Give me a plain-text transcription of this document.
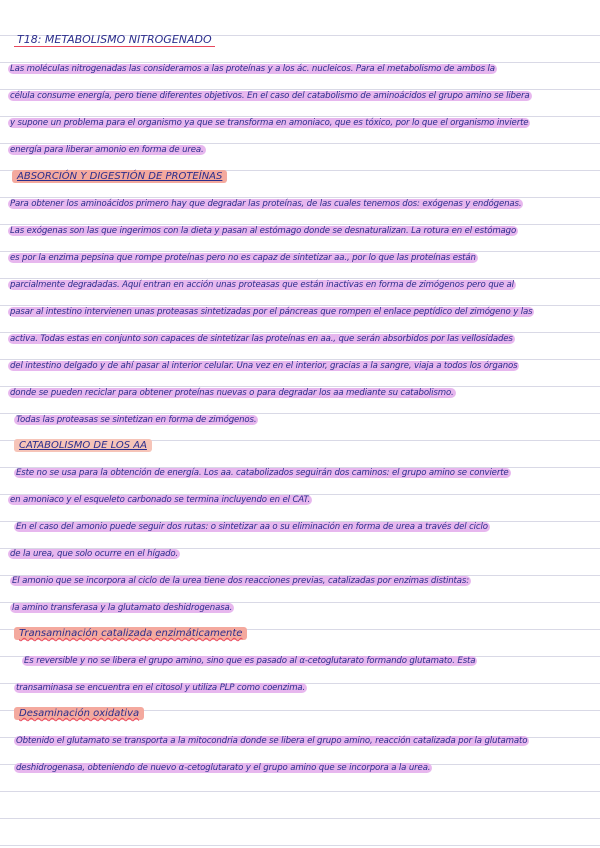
T18: METABOLISMO NITROGENADO
Las moléculas nitrogenadas las consideramos a las proteínas y a los ác. nucleicos. Para el metabolismo de ambos la
célula consume energía, pero tiene diferentes objetivos. En el caso del catabolismo de aminoácidos el grupo amino se libera
y supone un problema para el organismo ya que se transforma en amoniaco, que es tóxico, por lo que el organismo invierte
energía para liberar amonio en forma de urea.
ABSORCIÓN Y DIGESTIÓN DE PROTEÍNAS
Para obtener los aminoácidos primero hay que degradar las proteínas, de las cuales tenemos dos: exógenas y endógenas.
Las exógenas son las que ingerimos con la dieta y pasan al estómago donde se desnaturalizan. La rotura en el estómago
es por la enzima pepsina que rompe proteínas pero no es capaz de sintetizar aa., por lo que las proteínas están
parcialmente degradadas. Aquí entran en acción unas proteasas que están inactivas en forma de zimógenos pero que al
pasar al intestino intervienen unas proteasas sintetizadas por el páncreas que rompen el enlace peptídico del zimógeno y las
activa. Todas estas en conjunto son capaces de sintetizar las proteínas en aa., que serán absorbidos por las vellosidades
del intestino delgado y de ahí pasar al interior celular. Una vez en el interior, gracias a la sangre, viaja a todos los órganos
donde se pueden reciclar para obtener proteínas nuevas o para degradar los aa mediante su catabolismo.
Todas las proteasas se sintetizan en forma de zimógenos.
CATABOLISMO DE LOS AA
Este no se usa para la obtención de energía. Los aa. catabolizados seguirán dos caminos: el grupo amino se convierte
en amoniaco y el esqueleto carbonado se termina incluyendo en el CAT.
En el caso del amonio puede seguir dos rutas: o sintetizar aa o su eliminación en forma de urea a través del ciclo
de la urea, que solo ocurre en el hígado.
El amonio que se incorpora al ciclo de la urea tiene dos reacciones previas, catalizadas por enzimas distintas:
la amino transferasa y la glutamato deshidrogenasa.
Transaminación catalizada enzimáticamente
Es reversible y no se libera el grupo amino, sino que es pasado al α-cetoglutarato formando glutamato. Esta
transaminasa se encuentra en el citosol y utiliza PLP como coenzima.
Desaminación oxidativa
Obtenido el glutamato se transporta a la mitocondria donde se libera el grupo amino, reacción catalizada por la glutamato
deshidrogenasa, obteniendo de nuevo α-cetoglutarato y el grupo amino que se incorpora a la urea.
